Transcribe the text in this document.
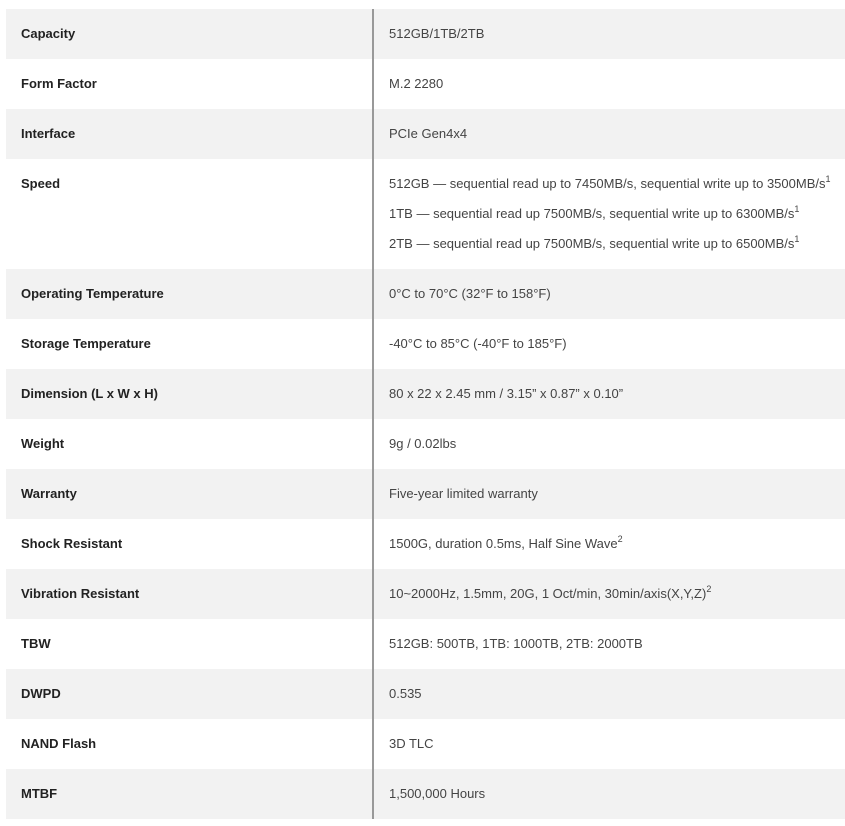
Capacity	512GB/1TB/2TB
Form Factor	M.2 2280
Interface	PCIe Gen4x4
Speed	512GB — sequential read up to 7450MB/s, sequential write up to $3500MB/s^1$
1TB — sequential read up 7500MB/s, sequential write up to $6300MB/s^1$
2TB — sequential read up 7500MB/s, sequential write up to $6500MB/s^1$
Operating Temperature	0°C to 70°C (32°F to 158°F)
Storage Temperature	-40°C to 85°C (-40°F to 185°F)
Dimension (L x W x H)	80 x 22 x 2.45 mm / 3.15” x 0.87” x 0.10”
Weight	9g / 0.02lbs
Warranty	Five-year limited warranty
Shock Resistant	1500G, duration 0.5ms, Half Sine Wave$^2$
Vibration Resistant	10~2000Hz, 1.5mm, 20G, 1 Oct/min, $30\min/axis(X,Y,Z)^2$
TBW	512GB: 500TB, 1TB: 1000TB, 2TB: 2000TB
DWPD	0.535
NAND Flash	3D TLC
MTBF	1,500,000 Hours
